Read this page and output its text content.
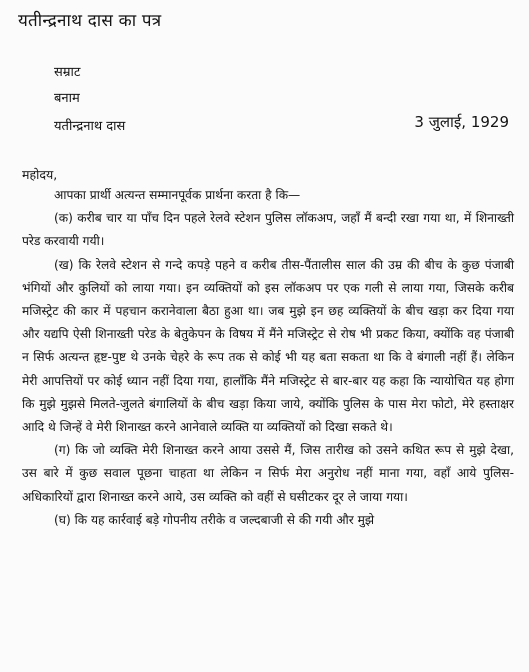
यतीन्द्रनाथ दास का पत्र
सम्राट
बनाम
यतीन्द्रनाथ दास	3 जुलाई, 1929
महोदय,

आपका प्रार्थी अत्यन्त सम्मानपूर्वक प्रार्थना करता है कि—

(क) करीब चार या पाँच दिन पहले रेलवे स्टेशन पुलिस लॉकअप, जहाँ मैं बन्दी रखा गया था, में शिनाख्ती परेड करवायी गयी।

(ख) कि रेलवे स्टेशन से गन्दे कपड़े पहने व करीब तीस-पैंतालीस साल की उम्र की बीच के कुछ पंजाबी भंगियों और कुलियों को लाया गया। इन व्यक्तियों को इस लॉकअप पर एक गली से लाया गया, जिसके करीब मजिस्ट्रेट की कार में पहचान करानेवाला बैठा हुआ था। जब मुझे इन छह व्यक्तियों के बीच खड़ा कर दिया गया और यद्यपि ऐसी शिनाख्ती परेड के बेतुकेपन के विषय में मैंने मजिस्ट्रेट से रोष भी प्रकट किया, क्योंकि वह पंजाबी न सिर्फ अत्यन्त हृष्ट-पुष्ट थे उनके चेहरे के रूप तक से कोई भी यह बता सकता था कि वे बंगाली नहीं हैं। लेकिन मेरी आपत्तियों पर कोई ध्यान नहीं दिया गया, हालाँकि मैंने मजिस्ट्रेट से बार-बार यह कहा कि न्यायोचित यह होगा कि मुझे मुझसे मिलते-जुलते बंगालियों के बीच खड़ा किया जाये, क्योंकि पुलिस के पास मेरा फोटो, मेरे हस्ताक्षर आदि थे जिन्हें वे मेरी शिनाख्त करने आनेवाले व्यक्ति या व्यक्तियों को दिखा सकते थे।

(ग) कि जो व्यक्ति मेरी शिनाख्त करने आया उससे मैं, जिस तारीख को उसने कथित रूप से मुझे देखा, उस बारे में कुछ सवाल पूछना चाहता था लेकिन न सिर्फ मेरा अनुरोध नहीं माना गया, वहाँ आये पुलिस-अधिकारियों द्वारा शिनाख्त करने आये, उस व्यक्ति को वहीं से घसीटकर दूर ले जाया गया।

(घ) कि यह कार्रवाई बड़े गोपनीय तरीके व जल्दबाजी से की गयी और मुझे
